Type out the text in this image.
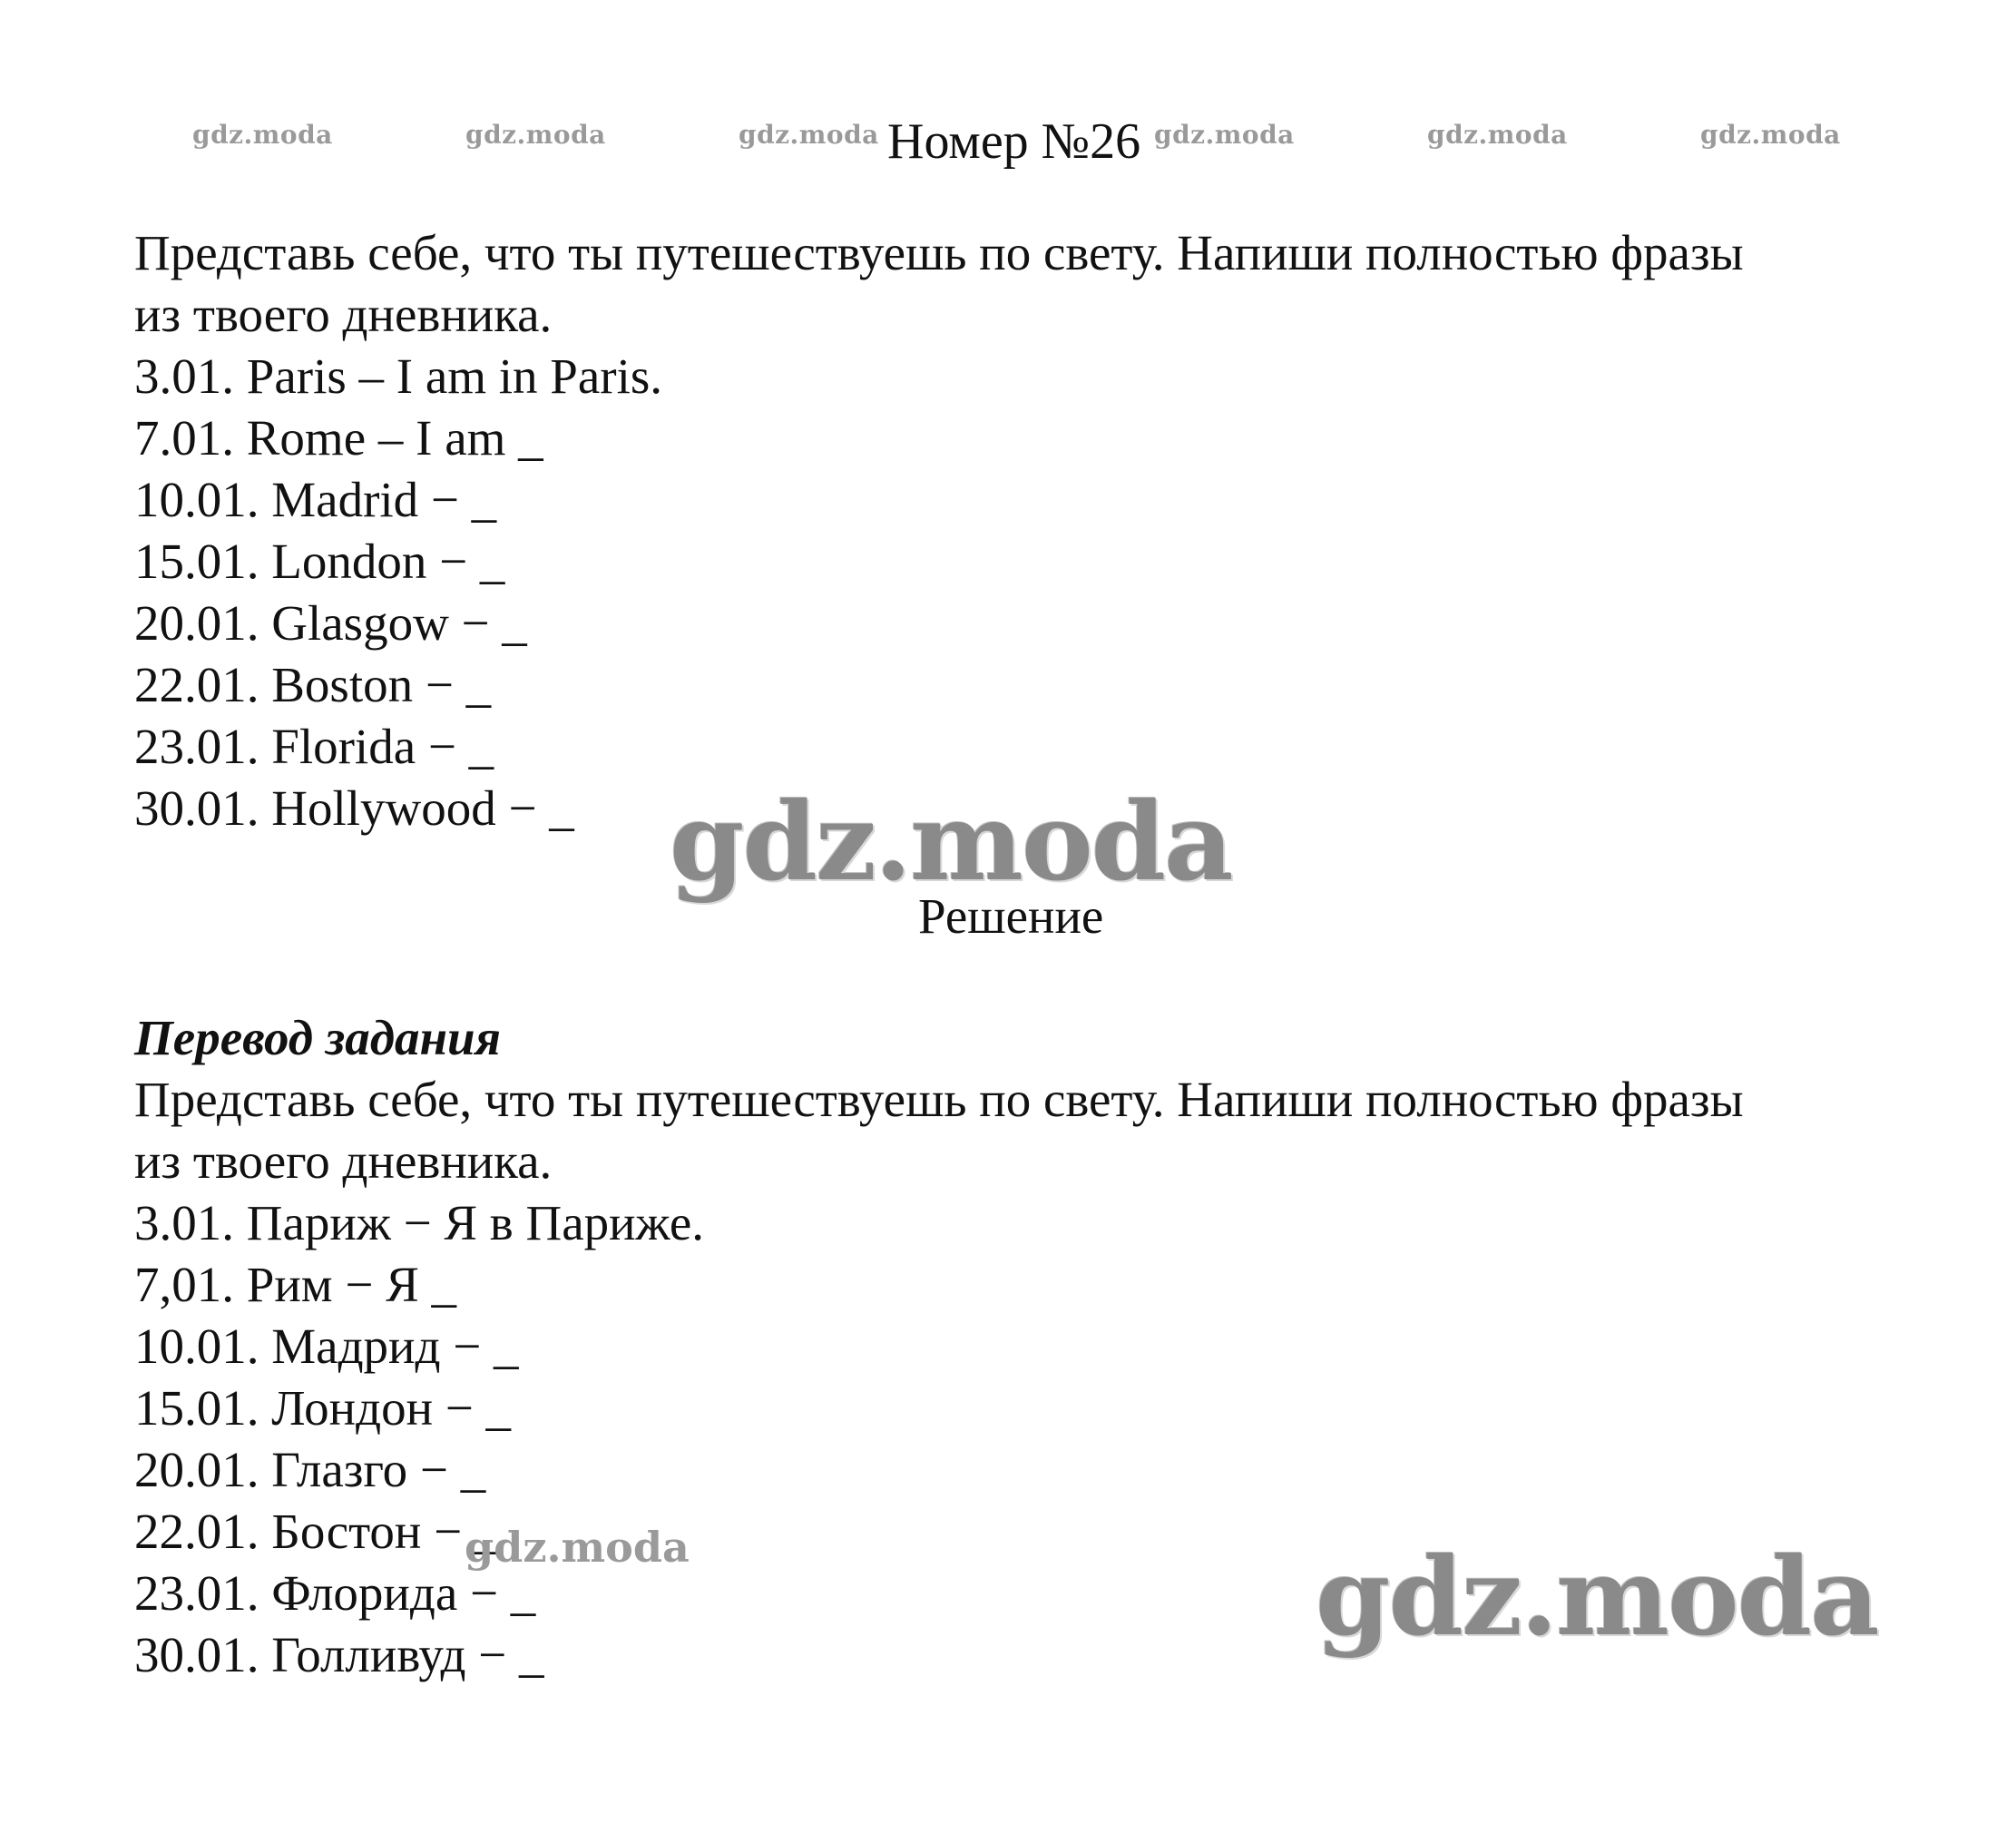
gdz.moda	gdz.moda	gdz.moda	gdz.moda	gdz.moda	gdz.moda
Номер №26
Представь себе, что ты путешествуешь по свету. Напиши полностью фразы
из твоего дневника.
3.01. Paris – I am in Paris.
7.01. Rome – I am _
10.01. Madrid − _
15.01. London − _
20.01. Glasgow − _
22.01. Boston − _
23.01. Florida − _
30.01. Hollywood − _ gdz.moda
Решение
Перевод задания
Представь себе, что ты путешествуешь по свету. Напиши полностью фразы
из твоего дневника.
3.01. Париж − Я в Париже.
7,01. Рим − Я _
10.01. Мадрид − _
15.01. Лондон − _
20.01. Глазго − _
22.01. Бостон − _
23.01. Флорида − _
30.01. Голливуд − _
gdz.moda	gdz.moda
